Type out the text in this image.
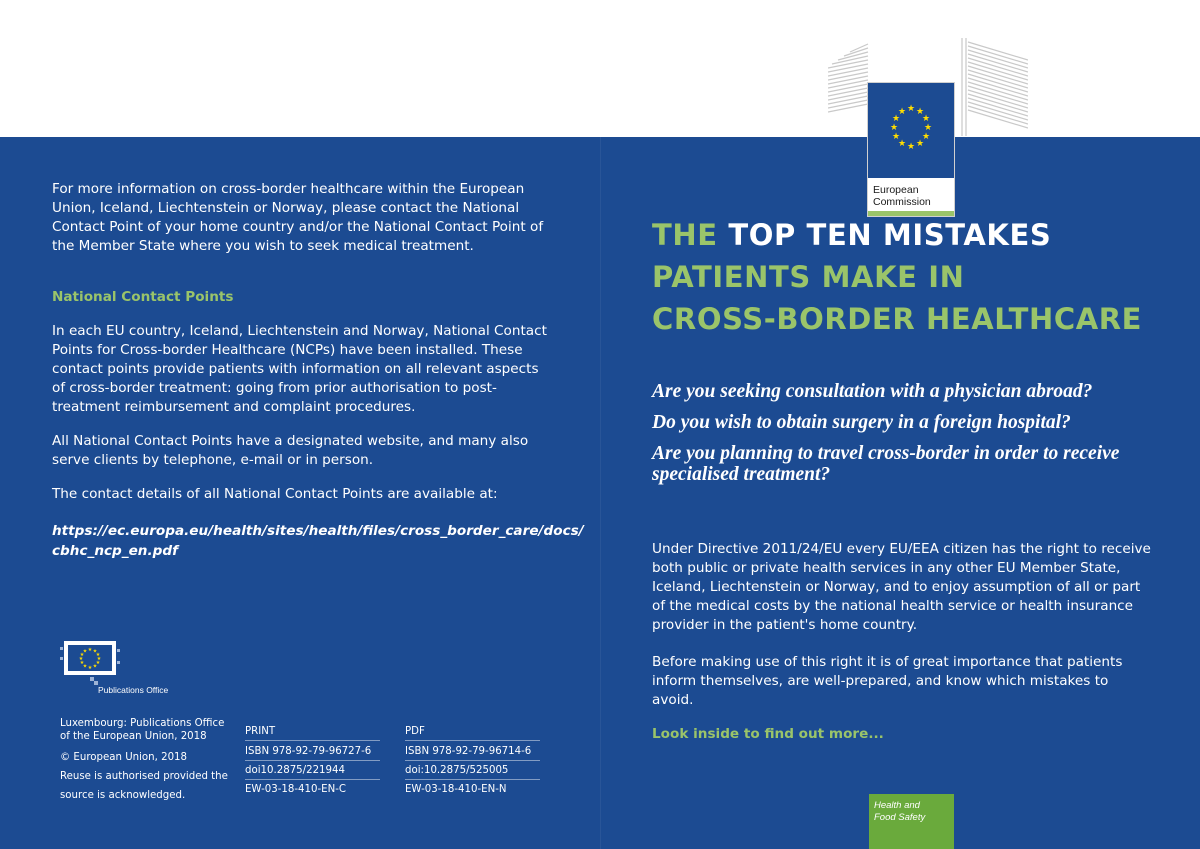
★ ★
★
★
★
★
★
★
★
★
★
★
European
Commission

For more information on cross-border healthcare within the European Union, Iceland, Liechtenstein or Norway, please contact the National Contact Point of your home country and/or the National Contact Point of the Member State where you wish to seek medical treatment.

National Contact Points

In each EU country, Iceland, Liechtenstein and Norway, National Contact Points for Cross-border Healthcare (NCPs) have been installed. These contact points provide patients with information on all relevant aspects of cross-border treatment: going from prior authorisation to post-treatment reimbursement and complaint procedures.

All National Contact Points have a designated website, and many also serve clients by telephone, e-mail or in person.

The contact details of all National Contact Points are available at:

https://ec.europa.eu/health/sites/health/files/cross_border_care/docs/

cbhc_ncp_en.pdf

★ ★
★
★
★
★
★
★
★
★
★
★
Publications Office

Luxembourg: Publications Office

of the European Union, 2018

© European Union, 2018

Reuse is authorised provided the

source is acknowledged.

PRINT

ISBN 978-92-79-96727-6

doi10.2875/221944

EW-03-18-410-EN-C

PDF

ISBN 978-92-79-96714-6

doi:10.2875/525005

EW-03-18-410-EN-N

THE TOP TEN MISTAKES
PATIENTS MAKE IN
CROSS-BORDER HEALTHCARE
Are you seeking consultation with a physician abroad?
Do you wish to obtain surgery in a foreign hospital?
Are you planning to travel cross-border in order to receive specialised treatment?

Under Directive 2011/24/EU every EU/EEA citizen has the right to receive both public or private health services in any other EU Member State, Iceland, Liechtenstein or Norway, and to enjoy assumption of all or part of the medical costs by the national health service or health insurance provider in the patient's home country.

Before making use of this right it is of great importance that patients inform themselves, are well-prepared, and know which mistakes to avoid.

Look inside to find out more...

Health and
Food Safety
